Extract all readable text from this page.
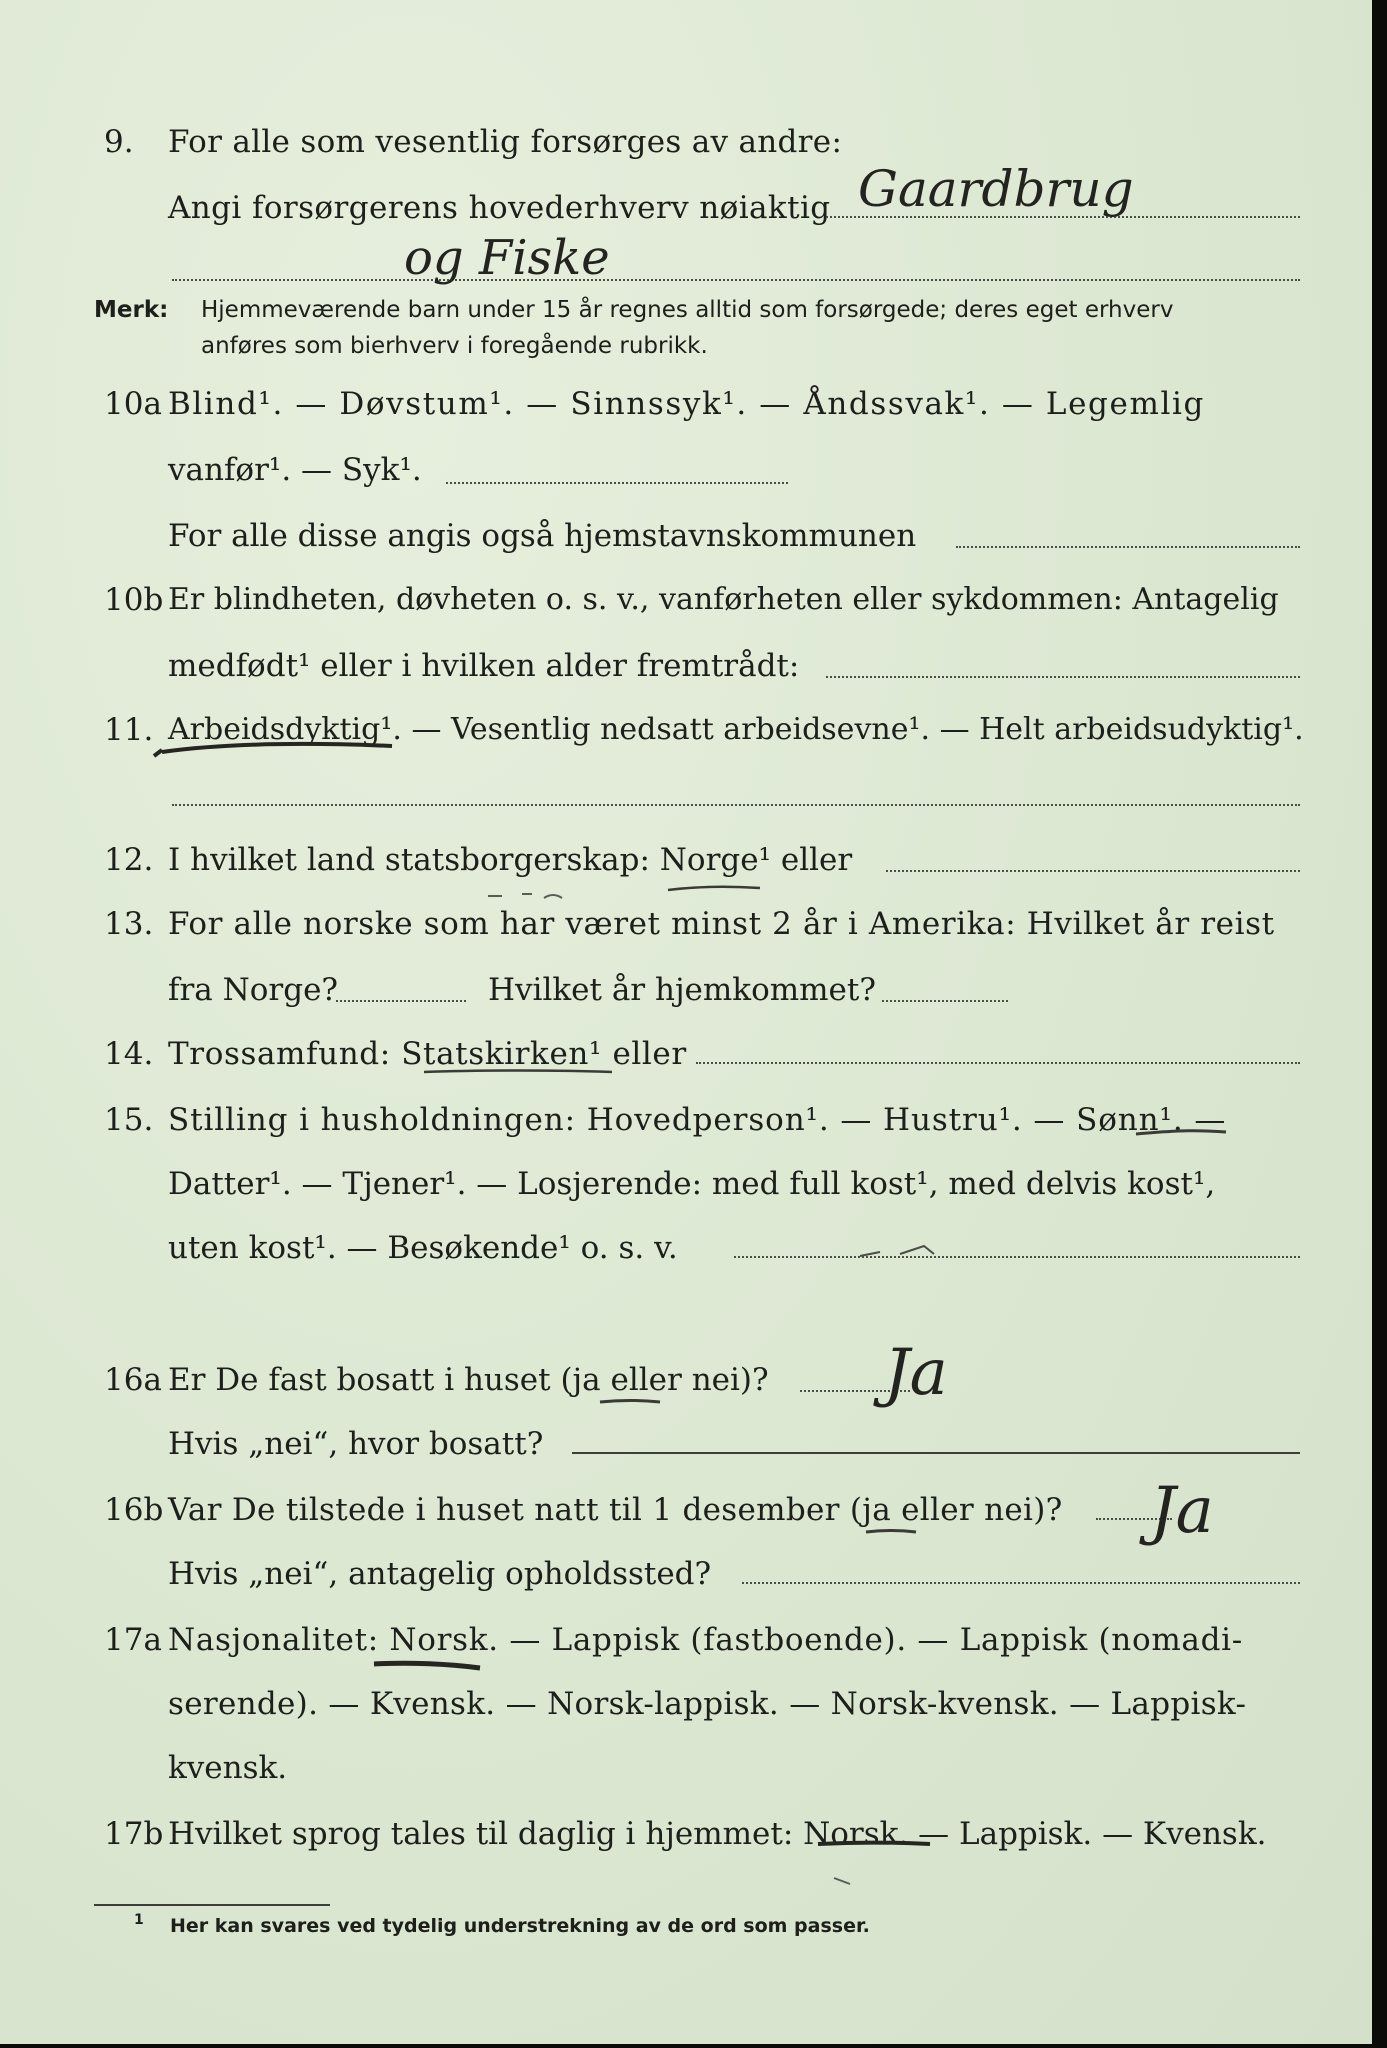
9. For alle som vesentlig forsørges av andre:
Angi forsørgerens hovederhverv nøiaktig Gaardbrug
og Fiske
Merk: Hjemmeværende barn under 15 år regnes alltid som forsørgede; deres eget erhverv
anføres som bierhverv i foregående rubrikk.
10a Blind¹. — Døvstum¹. — Sinnssyk¹. — Åndssvak¹. — Legemlig
vanfør¹. — Syk¹.
For alle disse angis også hjemstavnskommunen
10b Er blindheten, døvheten o. s. v., vanførheten eller sykdommen: Antagelig
medfødt¹ eller i hvilken alder fremtrådt:
11. Arbeidsdyktig¹. — Vesentlig nedsatt arbeidsevne¹. — Helt arbeidsudyktig¹.
12. I hvilket land statsborgerskap: Norge¹ eller
13. For alle norske som har været minst 2 år i Amerika: Hvilket år reist
fra Norge?	Hvilket år hjemkommet?
14. Trossamfund: Statskirken¹ eller
15. Stilling i husholdningen: Hovedperson¹. — Hustru¹. — Sønn¹. —
Datter¹. — Tjener¹. — Losjerende: med full kost¹, med delvis kost¹,
uten kost¹. — Besøkende¹ o. s. v.
16a Er De fast bosatt i huset (ja eller nei)? Ja
Hvis „nei“, hvor bosatt?
16b Var De tilstede i huset natt til 1 desember (ja eller nei)? Ja
Hvis „nei“, antagelig opholdssted?
17a Nasjonalitet: Norsk. — Lappisk (fastboende). — Lappisk (nomadi-
serende). — Kvensk. — Norsk-lappisk. — Norsk-kvensk. — Lappisk-
kvensk.
17b Hvilket sprog tales til daglig i hjemmet: Norsk. — Lappisk. — Kvensk.
1 Her kan svares ved tydelig understrekning av de ord som passer.
